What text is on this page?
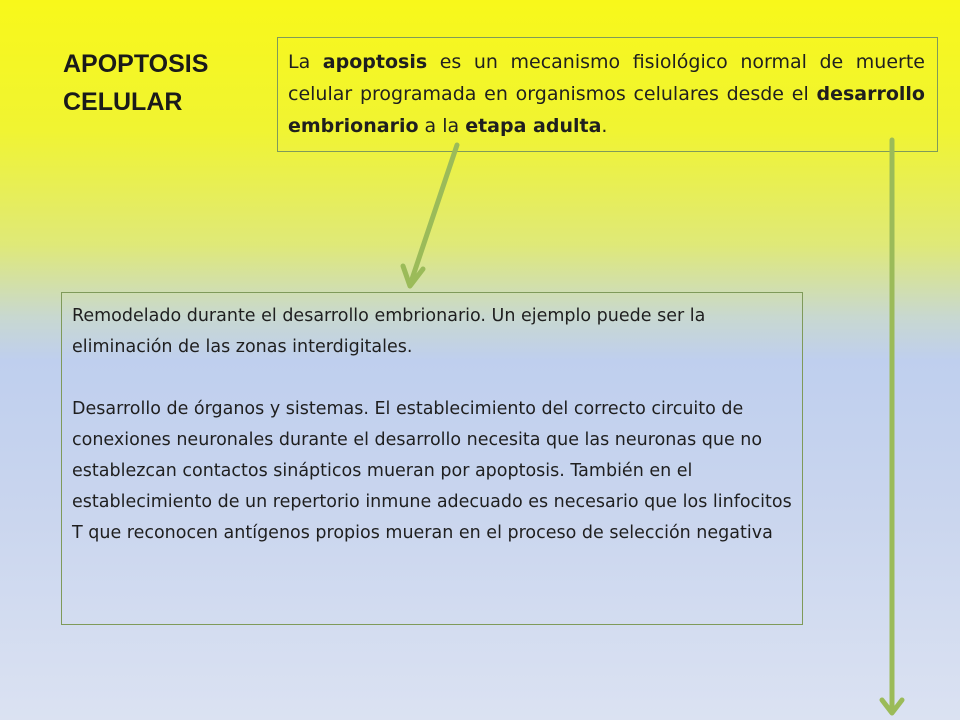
APOPTOSIS
CELULAR
La apoptosis es un mecanismo fisiológico normal de muerte celular programada en organismos celulares desde el desarrollo embrionario a la etapa adulta.

Remodelado durante el desarrollo embrionario. Un ejemplo puede ser la eliminación de las zonas interdigitales.

Desarrollo de órganos y sistemas. El establecimiento del correcto circuito de conexiones neuronales durante el desarrollo necesita que las neuronas que no establezcan contactos sinápticos mueran por apoptosis. También en el establecimiento de un repertorio inmune adecuado es necesario que los linfocitos T que reconocen antígenos propios mueran en el proceso de selección negativa
